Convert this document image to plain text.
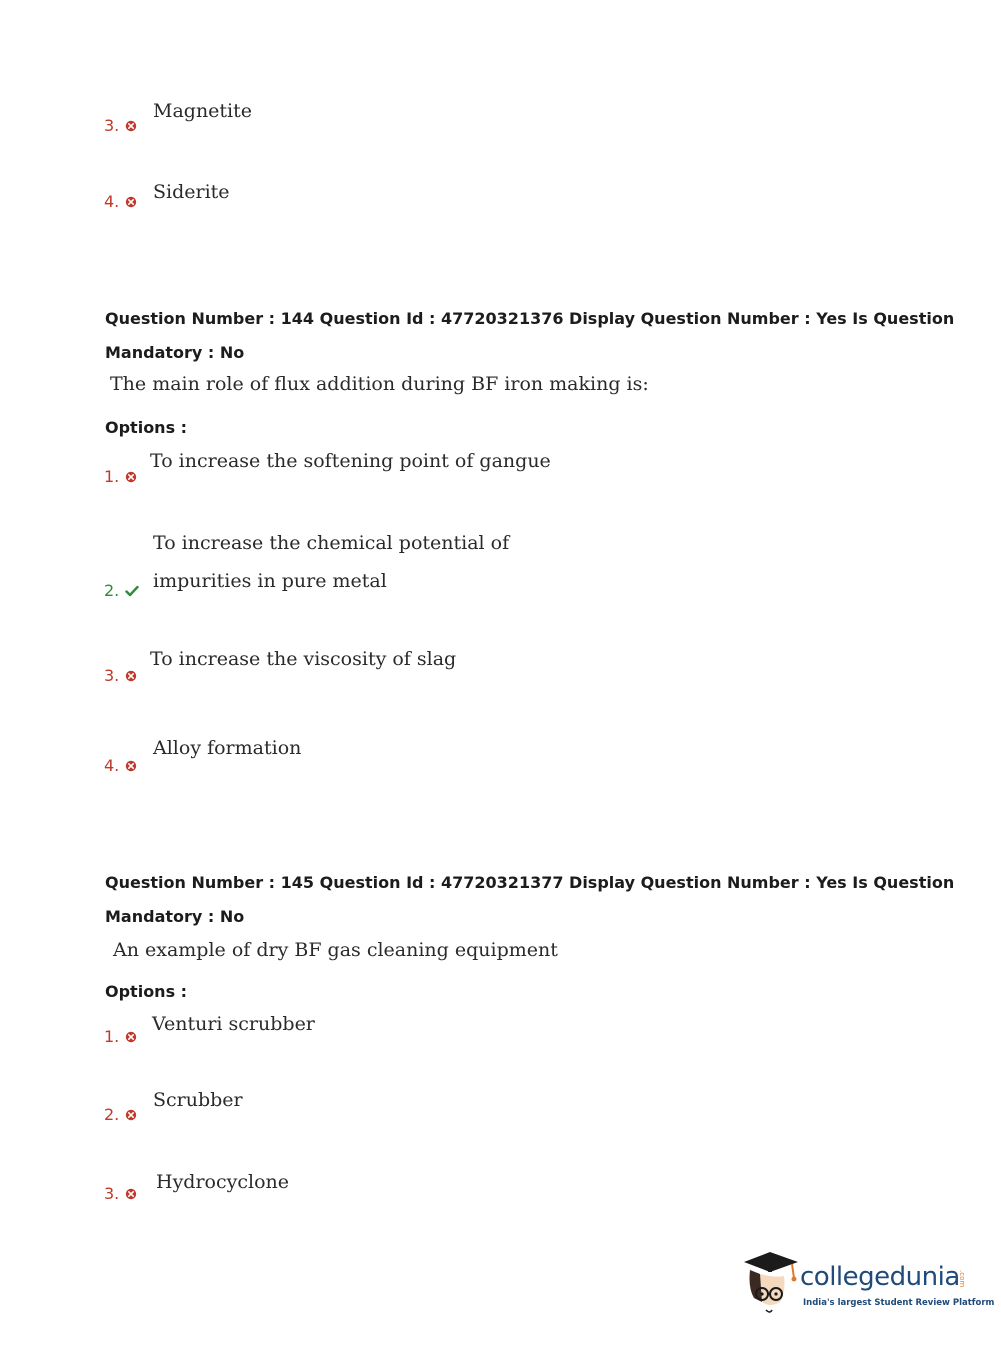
3.
Magnetite
4. Siderite
Question Number : 144 Question Id : 47720321376 Display Question Number : Yes Is Question
Mandatory : No
The main role of flux addition during BF iron making is:
Options :
1.
To increase the softening point of gangue
To increase the chemical potential of
2. impurities in pure metal
3.
To increase the viscosity of slag
4.
Alloy formation
Question Number : 145 Question Id : 47720321377 Display Question Number : Yes Is Question
Mandatory : No
An example of dry BF gas cleaning equipment
Options :
1.
Venturi scrubber
2.
Scrubber
3.
Hydrocyclone
collegedunia
.com
India's largest Student Review Platform
